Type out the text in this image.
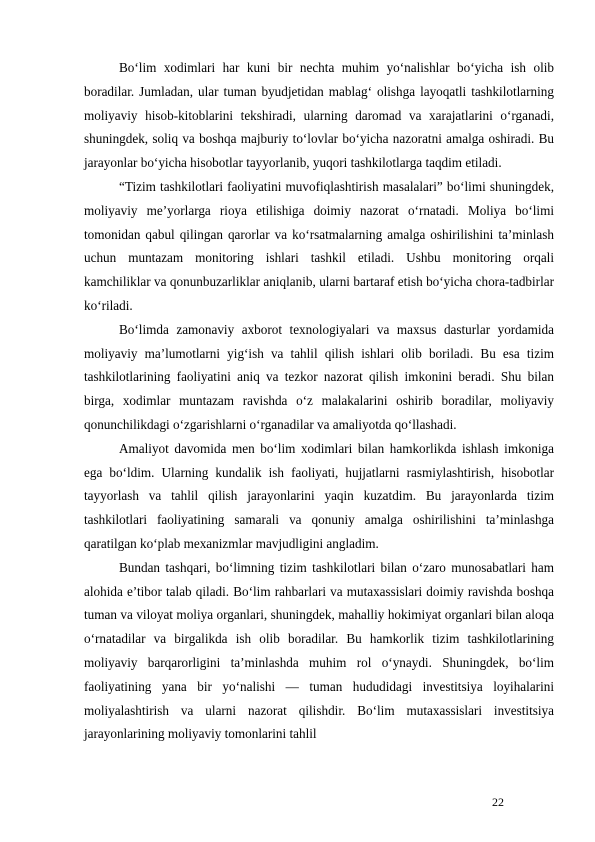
Bo‘lim xodimlari har kuni bir nechta muhim yo‘nalishlar bo‘yicha ish olib boradilar. Jumladan, ular tuman byudjetidan mablag‘ olishga layoqatli tashkilotlarning moliyaviy hisob-kitoblarini tekshiradi, ularning daromad va xarajatlarini o‘rganadi, shuningdek, soliq va boshqa majburiy to‘lovlar bo‘yicha nazoratni amalga oshiradi. Bu jarayonlar bo‘yicha hisobotlar tayyorlanib, yuqori tashkilotlarga taqdim etiladi.

“Tizim tashkilotlari faoliyatini muvofiqlashtirish masalalari” bo‘limi shuningdek, moliyaviy me’yorlarga rioya etilishiga doimiy nazorat o‘rnatadi. Moliya bo‘limi tomonidan qabul qilingan qarorlar va ko‘rsatmalarning amalga oshirilishini ta’minlash uchun muntazam monitoring ishlari tashkil etiladi. Ushbu monitoring orqali kamchiliklar va qonunbuzarliklar aniqlanib, ularni bartaraf etish bo‘yicha chora-tadbirlar ko‘riladi.

Bo‘limda zamonaviy axborot texnologiyalari va maxsus dasturlar yordamida moliyaviy ma’lumotlarni yig‘ish va tahlil qilish ishlari olib boriladi. Bu esa tizim tashkilotlarining faoliyatini aniq va tezkor nazorat qilish imkonini beradi. Shu bilan birga, xodimlar muntazam ravishda o‘z malakalarini oshirib boradilar, moliyaviy qonunchilikdagi o‘zgarishlarni o‘rganadilar va amaliyotda qo‘llashadi.

Amaliyot davomida men bo‘lim xodimlari bilan hamkorlikda ishlash imkoniga ega bo‘ldim. Ularning kundalik ish faoliyati, hujjatlarni rasmiylashtirish, hisobotlar tayyorlash va tahlil qilish jarayonlarini yaqin kuzatdim. Bu jarayonlarda tizim tashkilotlari faoliyatining samarali va qonuniy amalga oshirilishini ta’minlashga qaratilgan ko‘plab mexanizmlar mavjudligini angladim.

Bundan tashqari, bo‘limning tizim tashkilotlari bilan o‘zaro munosabatlari ham alohida e’tibor talab qiladi. Bo‘lim rahbarlari va mutaxassislari doimiy ravishda boshqa tuman va viloyat moliya organlari, shuningdek, mahalliy hokimiyat organlari bilan aloqa o‘rnatadilar va birgalikda ish olib boradilar. Bu hamkorlik tizim tashkilotlarining moliyaviy barqarorligini ta’minlashda muhim rol o‘ynaydi. Shuningdek, bo‘lim faoliyatining yana bir yo‘nalishi — tuman hududidagi investitsiya loyihalarini moliyalashtirish va ularni nazorat qilishdir. Bo‘lim mutaxassislari investitsiya jarayonlarining moliyaviy tomonlarini tahlil

22
